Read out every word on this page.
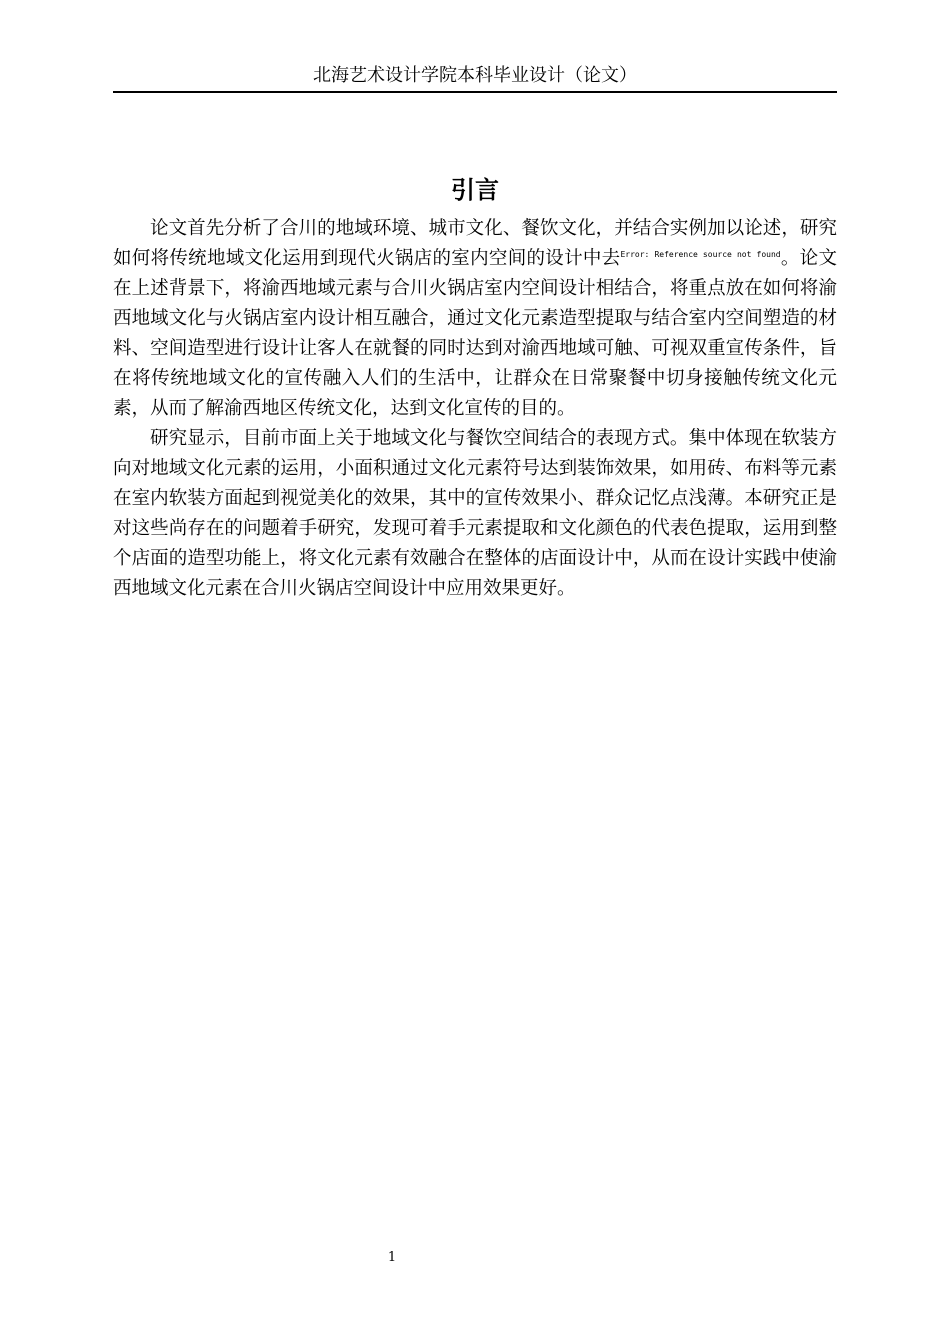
北海艺术设计学院本科毕业设计（论文）
引言

论文首先分析了合川的地域环境、城市文化、餐饮文化，并结合实例加以论述，研究如何将传统地域文化运用到现代火锅店的室内空间的设计中去$^{Error: Reference source not found}$。论文在上述背景下，将渝西地域元素与合川火锅店室内空间设计相结合，将重点放在如何将渝西地域文化与火锅店室内设计相互融合，通过文化元素造型提取与结合室内空间塑造的材料、空间造型进行设计让客人在就餐的同时达到对渝西地域可触、可视双重宣传条件，旨在将传统地域文化的宣传融入人们的生活中，让群众在日常聚餐中切身接触传统文化元素，从而了解渝西地区传统文化，达到文化宣传的目的。

研究显示，目前市面上关于地域文化与餐饮空间结合的表现方式。集中体现在软装方向对地域文化元素的运用，小面积通过文化元素符号达到装饰效果，如用砖、布料等元素在室内软装方面起到视觉美化的效果，其中的宣传效果小、群众记忆点浅薄。本研究正是对这些尚存在的问题着手研究，发现可着手元素提取和文化颜色的代表色提取，运用到整个店面的造型功能上，将文化元素有效融合在整体的店面设计中，从而在设计实践中使渝西地域文化元素在合川火锅店空间设计中应用效果更好。

1
